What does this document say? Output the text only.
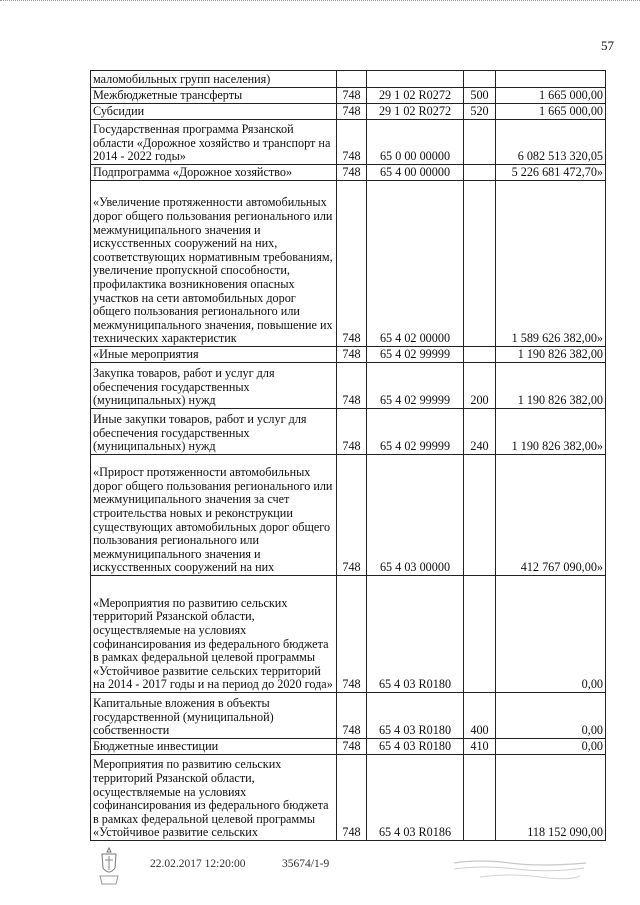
57
маломобильных групп населения)				
Межбюджетные трансферты	748	29 1 02 R0272	500	1 665 000,00
Субсидии	748	29 1 02 R0272	520	1 665 000,00
Государственная программа Рязанской области «Дорожное хозяйство и транспорт на 2014 - 2022 годы»	748	65 0 00 00000		6 082 513 320,05
Подпрограмма «Дорожное хозяйство»	748	65 4 00 00000		5 226 681 472,70»
«Увеличение протяженности автомобильных дорог общего пользования регионального или межмуниципального значения и искусственных сооружений на них, соответствующих нормативным требованиям, увеличение пропускной способности, профилактика возникновения опасных участков на сети автомобильных дорог общего пользования регионального или межмуниципального значения, повышение их технических характеристик	748	65 4 02 00000		1 589 626 382,00»
«Иные мероприятия	748	65 4 02 99999		1 190 826 382,00
Закупка товаров, работ и услуг для обеспечения государственных (муниципальных) нужд	748	65 4 02 99999	200	1 190 826 382,00
Иные закупки товаров, работ и услуг для обеспечения государственных (муниципальных) нужд	748	65 4 02 99999	240	1 190 826 382,00»
«Прирост протяженности автомобильных дорог общего пользования регионального или межмуниципального значения за счет строительства новых и реконструкции существующих автомобильных дорог общего пользования регионального или межмуниципального значения и искусственных сооружений на них	748	65 4 03 00000		412 767 090,00»
«Мероприятия по развитию сельских территорий Рязанской области, осуществляемые на условиях софинансирования из федерального бюджета в рамках федеральной целевой программы «Устойчивое развитие сельских территорий на 2014 - 2017 годы и на период до 2020 года»	748	65 4 03 R0180		0,00
Капитальные вложения в объекты государственной (муниципальной) собственности	748	65 4 03 R0180	400	0,00
Бюджетные инвестиции	748	65 4 03 R0180	410	0,00
Мероприятия по развитию сельских территорий Рязанской области, осуществляемые на условиях софинансирования из федерального бюджета в рамках федеральной целевой программы «Устойчивое развитие сельских	748	65 4 03 R0186		118 152 090,00
22.02.2017 12:20:00	35674/1-9
